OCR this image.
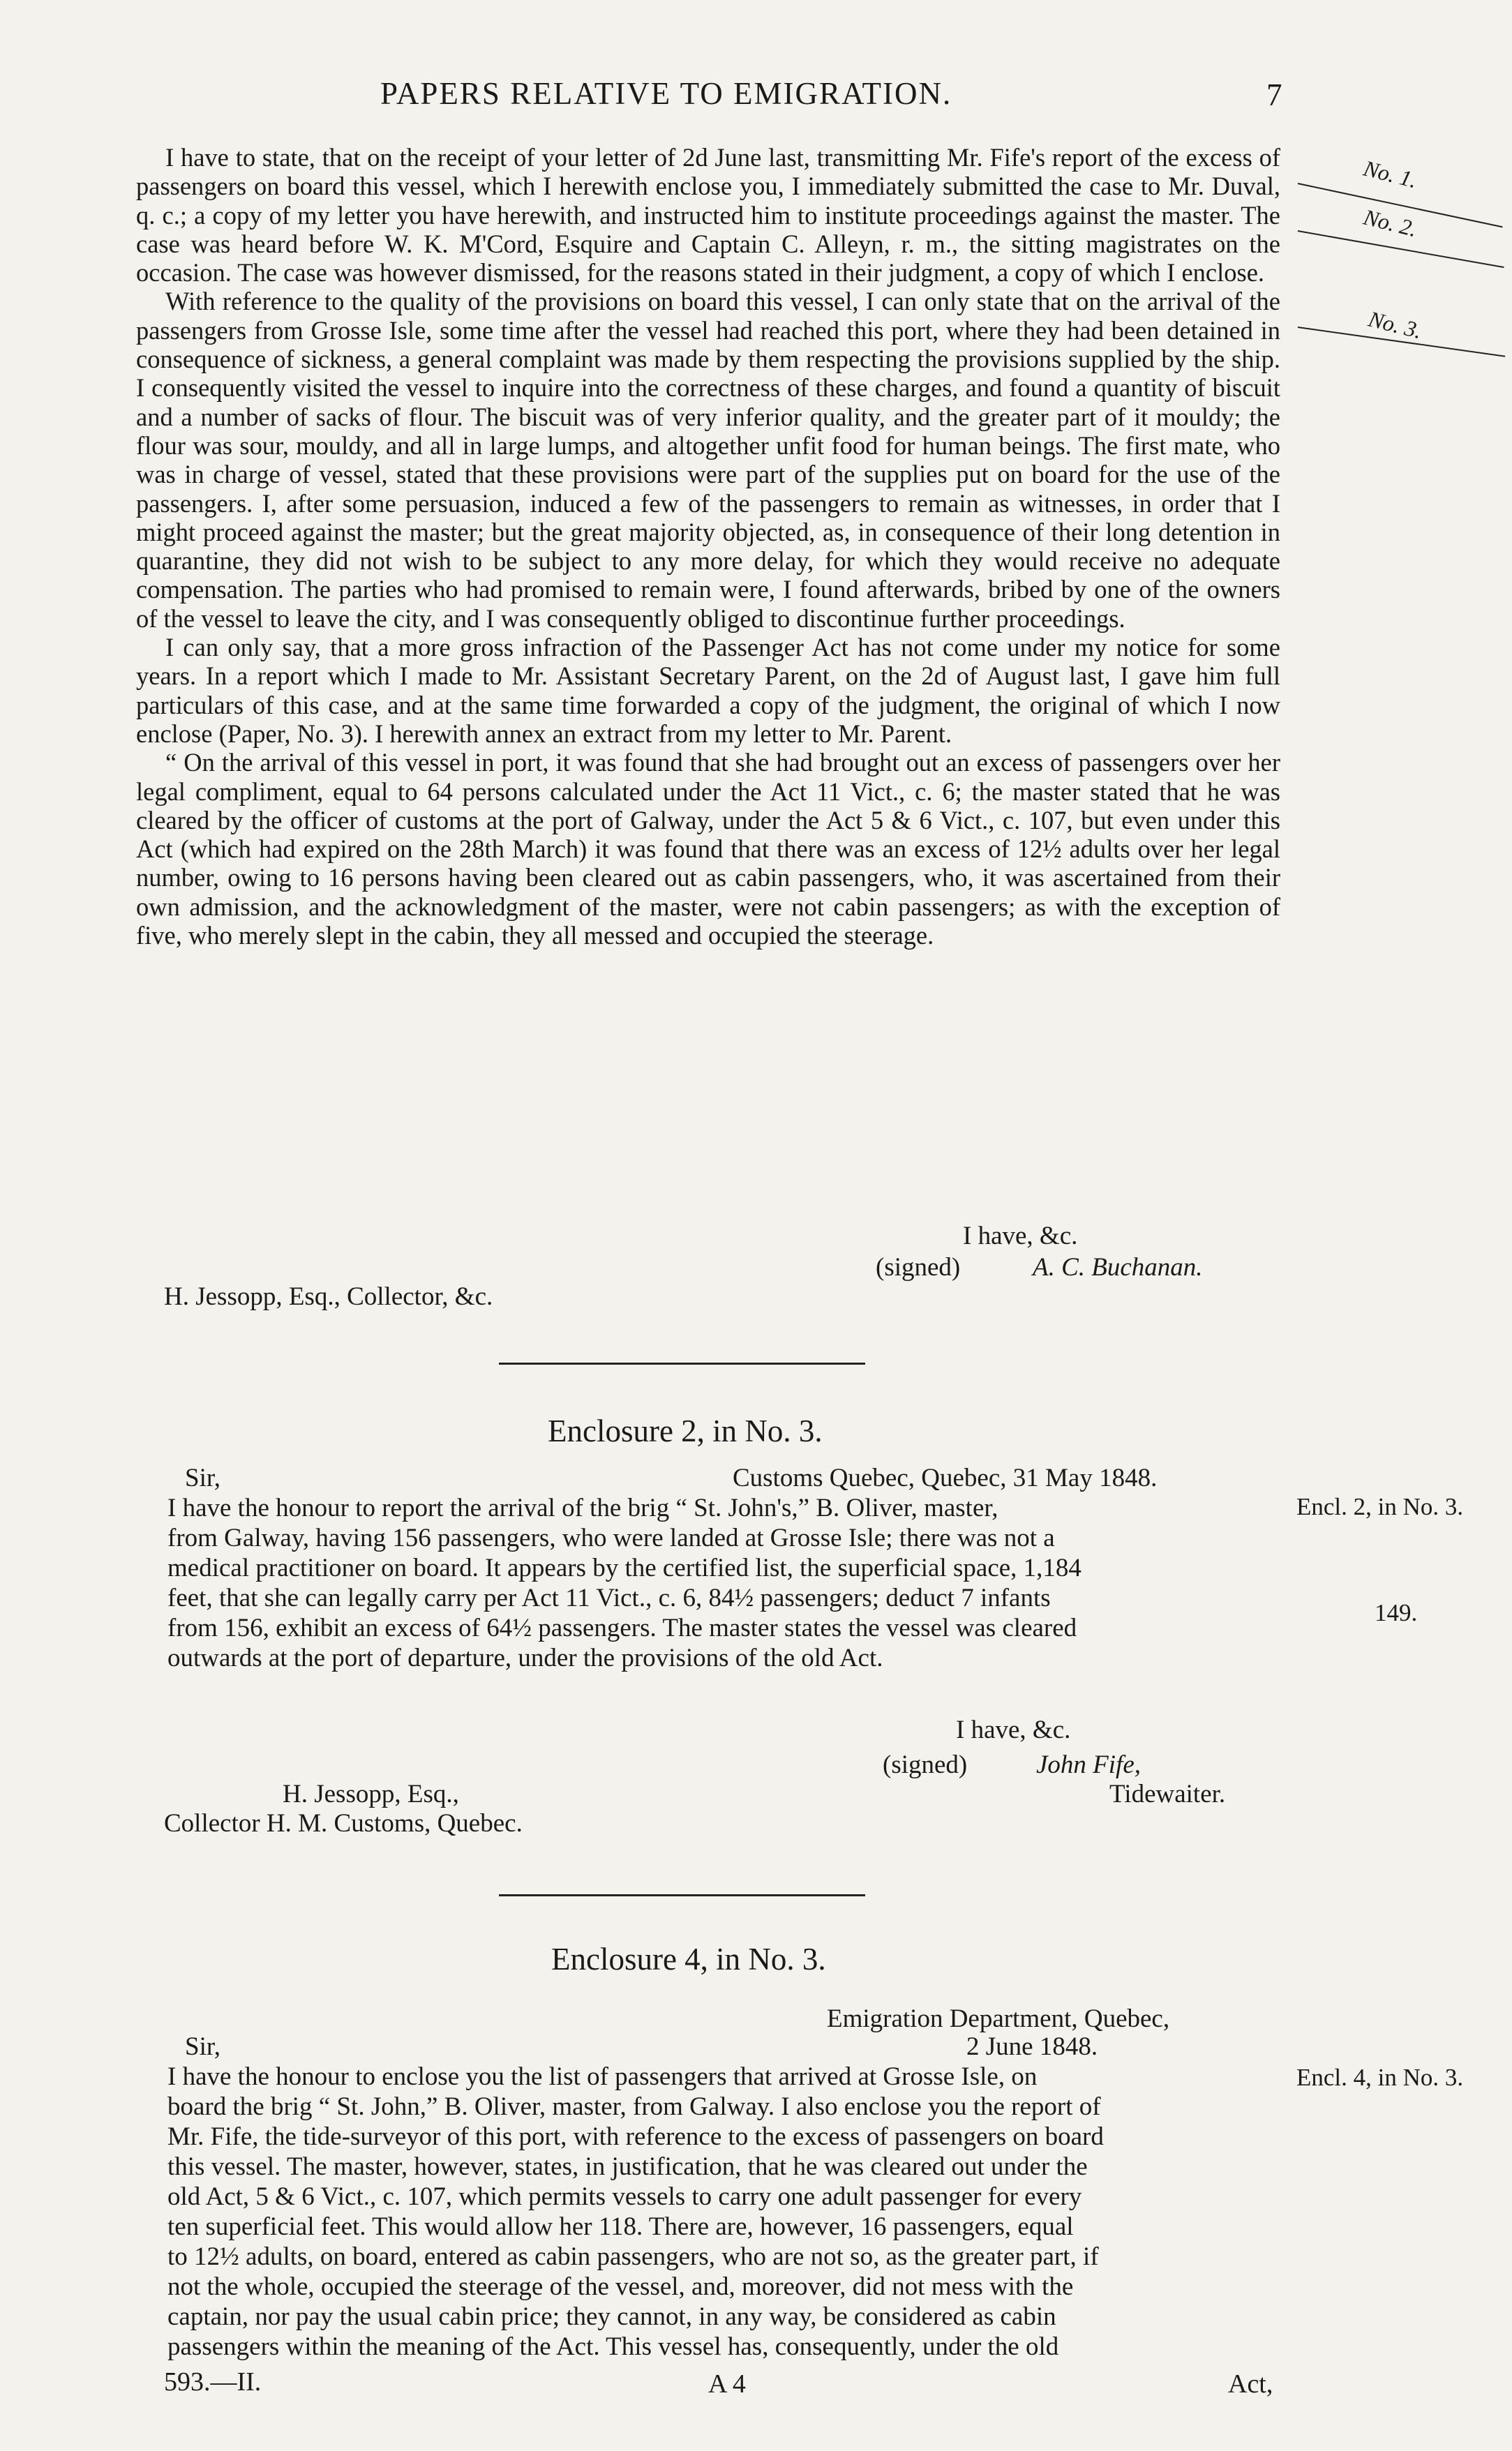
PAPERS RELATIVE TO EMIGRATION.	7
No. 1.
No. 2.
No. 3.

I have to state, that on the receipt of your letter of 2d June last, transmitting Mr. Fife's report of the excess of passengers on board this vessel, which I herewith enclose you, I immediately submitted the case to Mr. Duval, q. c.; a copy of my letter you have herewith, and instructed him to institute proceedings against the master. The case was heard before W. K. M'Cord, Esquire and Captain C. Alleyn, r. m., the sitting magistrates on the occasion. The case was however dismissed, for the reasons stated in their judgment, a copy of which I enclose.

With reference to the quality of the provisions on board this vessel, I can only state that on the arrival of the passengers from Grosse Isle, some time after the vessel had reached this port, where they had been detained in consequence of sickness, a general complaint was made by them respecting the provisions supplied by the ship. I consequently visited the vessel to inquire into the correctness of these charges, and found a quantity of biscuit and a number of sacks of flour. The biscuit was of very inferior quality, and the greater part of it mouldy; the flour was sour, mouldy, and all in large lumps, and altogether unfit food for human beings. The first mate, who was in charge of vessel, stated that these provisions were part of the supplies put on board for the use of the passengers. I, after some persuasion, induced a few of the passengers to remain as witnesses, in order that I might proceed against the master; but the great majority objected, as, in consequence of their long detention in quarantine, they did not wish to be subject to any more delay, for which they would receive no adequate compensation. The parties who had promised to remain were, I found afterwards, bribed by one of the owners of the vessel to leave the city, and I was consequently obliged to discontinue further proceedings.

I can only say, that a more gross infraction of the Passenger Act has not come under my notice for some years. In a report which I made to Mr. Assistant Secretary Parent, on the 2d of August last, I gave him full particulars of this case, and at the same time forwarded a copy of the judgment, the original of which I now enclose (Paper, No. 3). I herewith annex an extract from my letter to Mr. Parent.

“ On the arrival of this vessel in port, it was found that she had brought out an excess of passengers over her legal compliment, equal to 64 persons calculated under the Act 11 Vict., c. 6; the master stated that he was cleared by the officer of customs at the port of Galway, under the Act 5 & 6 Vict., c. 107, but even under this Act (which had expired on the 28th March) it was found that there was an excess of 12½ adults over her legal number, owing to 16 persons having been cleared out as cabin passengers, who, it was ascertained from their own admission, and the acknowledgment of the master, were not cabin passengers; as with the exception of five, who merely slept in the cabin, they all messed and occupied the steerage.

I have, &c.
(signed)	A. C. Buchanan.
H. Jessopp, Esq., Collector, &c.
Enclosure 2, in No. 3.
Sir,	Customs Quebec, Quebec, 31 May 1848.
Encl. 2, in No. 3.
149.
I have the honour to report the arrival of the brig “ St. John's,” B. Oliver, master,
from Galway, having 156 passengers, who were landed at Grosse Isle; there was not a
medical practitioner on board. It appears by the certified list, the superficial space, 1,184
feet, that she can legally carry per Act 11 Vict., c. 6, 84½ passengers; deduct 7 infants
from 156, exhibit an excess of 64½ passengers. The master states the vessel was cleared
outwards at the port of departure, under the provisions of the old Act.
I have, &c.
(signed)	John Fife,
H. Jessopp, Esq.,	Tidewaiter.
Collector H. M. Customs, Quebec.
Enclosure 4, in No. 3.
Emigration Department, Quebec,
2 June 1848.
Sir,
Encl. 4, in No. 3.
I have the honour to enclose you the list of passengers that arrived at Grosse Isle, on
board the brig “ St. John,” B. Oliver, master, from Galway. I also enclose you the report of
Mr. Fife, the tide-surveyor of this port, with reference to the excess of passengers on board
this vessel. The master, however, states, in justification, that he was cleared out under the
old Act, 5 & 6 Vict., c. 107, which permits vessels to carry one adult passenger for every
ten superficial feet. This would allow her 118. There are, however, 16 passengers, equal
to 12½ adults, on board, entered as cabin passengers, who are not so, as the greater part, if
not the whole, occupied the steerage of the vessel, and, moreover, did not mess with the
captain, nor pay the usual cabin price; they cannot, in any way, be considered as cabin
passengers within the meaning of the Act. This vessel has, consequently, under the old
593.—II.	A 4	Act,
